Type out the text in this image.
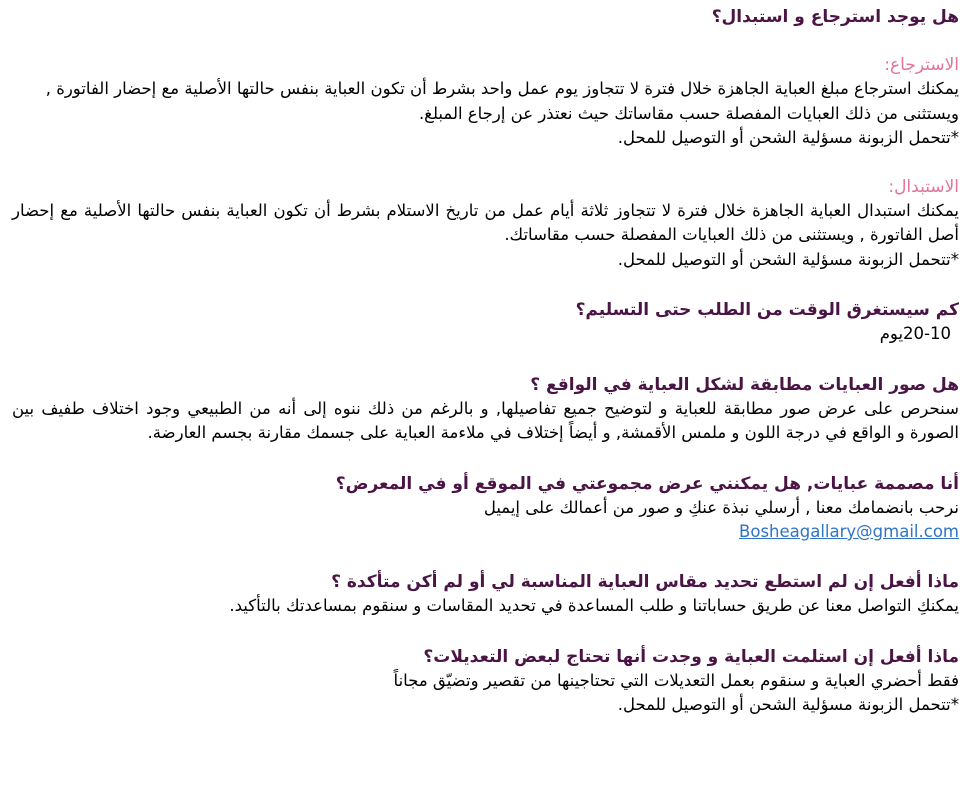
هل يوجد استرجاع و استبدال؟

الاسترجاع:

يمكنك استرجاع مبلغ العباية الجاهزة خلال فترة لا تتجاوز يوم عمل واحد بشرط أن تكون العباية بنفس حالتها الأصلية مع إحضار الفاتورة , ويستثنى من ذلك العبايات المفصلة حسب مقاساتك حيث نعتذر عن إرجاع المبلغ.

*تتحمل الزبونة مسؤلية الشحن أو التوصيل للمحل.

الاستبدال:

يمكنك استبدال العباية الجاهزة خلال فترة لا تتجاوز ثلاثة أيام عمل من تاريخ الاستلام بشرط أن تكون العباية بنفس حالتها الأصلية مع إحضار أصل الفاتورة , ويستثنى من ذلك العبايات المفصلة حسب مقاساتك.

*تتحمل الزبونة مسؤلية الشحن أو التوصيل للمحل.

كم سيستغرق الوقت من الطلب حتى التسليم؟

20-10يوم

هل صور العبايات مطابقة لشكل العباية في الواقع ؟

سنحرص على عرض صور مطابقة للعباية و لتوضيح جميع تفاصيلها, و بالرغم من ذلك ننوه إلى أنه من الطبيعي وجود اختلاف طفيف بين الصورة و الواقع في درجة اللون و ملمس الأقمشة, و أيضاً إختلاف في ملاءمة العباية على جسمك مقارنة بجسم العارضة.

أنا مصممة عبايات, هل يمكنني عرض مجموعتي في الموقع أو في المعرض؟

نرحب بانضمامك معنا , أرسلي نبذة عنكِ و صور من أعمالك على إيميل

Bosheagallary@gmail.com

ماذا أفعل إن لم استطع تحديد مقاس العباية المناسبة لي أو لم أكن متأكدة ؟

يمكنكِ التواصل معنا عن طريق حساباتنا و طلب المساعدة في تحديد المقاسات و سنقوم بمساعدتك بالتأكيد.

ماذا أفعل إن استلمت العباية و وجدت أنها تحتاج لبعض التعديلات؟

فقط أحضري العباية و سنقوم بعمل التعديلات التي تحتاجينها من تقصير وتضيّق مجاناً

*تتحمل الزبونة مسؤلية الشحن أو التوصيل للمحل.
